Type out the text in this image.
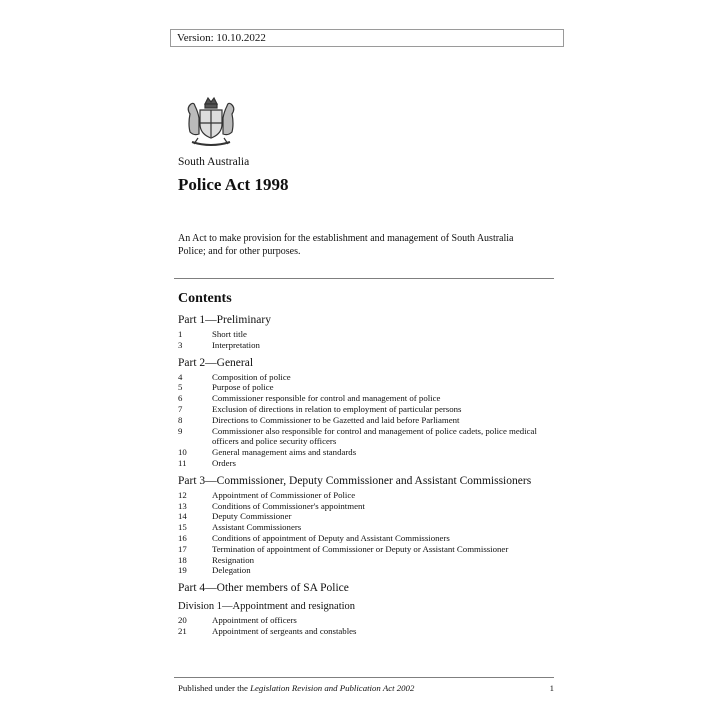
Version: 10.10.2022
South Australia
Police Act 1998
An Act to make provision for the establishment and management of South Australia Police; and for other purposes.
Contents
Part 1—Preliminary
1	Short title
3	Interpretation
Part 2—General
4	Composition of police
5	Purpose of police
6	Commissioner responsible for control and management of police
7	Exclusion of directions in relation to employment of particular persons
8	Directions to Commissioner to be Gazetted and laid before Parliament
9	Commissioner also responsible for control and management of police cadets, police medical officers and police security officers
10	General management aims and standards
11	Orders
Part 3—Commissioner, Deputy Commissioner and Assistant Commissioners
12	Appointment of Commissioner of Police
13	Conditions of Commissioner's appointment
14	Deputy Commissioner
15	Assistant Commissioners
16	Conditions of appointment of Deputy and Assistant Commissioners
17	Termination of appointment of Commissioner or Deputy or Assistant Commissioner
18	Resignation
19	Delegation
Part 4—Other members of SA Police
Division 1—Appointment and resignation
20	Appointment of officers
21	Appointment of sergeants and constables
Published under the Legislation Revision and Publication Act 2002	1
